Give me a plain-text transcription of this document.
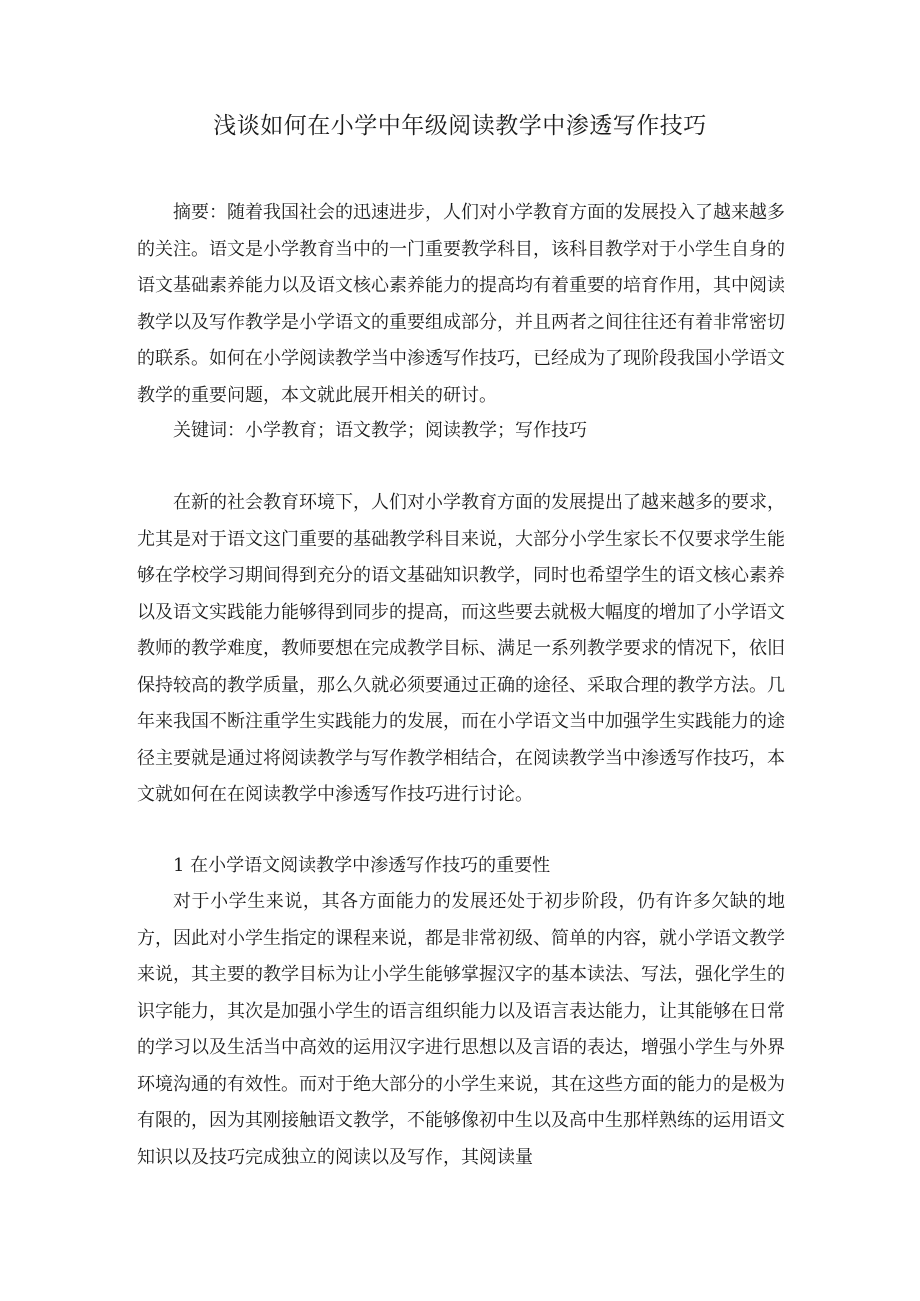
浅谈如何在小学中年级阅读教学中渗透写作技巧

摘要：随着我国社会的迅速进步，人们对小学教育方面的发展投入了越来越多的关注。语文是小学教育当中的一门重要教学科目，该科目教学对于小学生自身的语文基础素养能力以及语文核心素养能力的提高均有着重要的培育作用，其中阅读教学以及写作教学是小学语文的重要组成部分，并且两者之间往往还有着非常密切的联系。如何在小学阅读教学当中渗透写作技巧，已经成为了现阶段我国小学语文教学的重要问题，本文就此展开相关的研讨。

关键词：小学教育；语文教学；阅读教学；写作技巧

在新的社会教育环境下，人们对小学教育方面的发展提出了越来越多的要求，尤其是对于语文这门重要的基础教学科目来说，大部分小学生家长不仅要求学生能够在学校学习期间得到充分的语文基础知识教学，同时也希望学生的语文核心素养以及语文实践能力能够得到同步的提高，而这些要去就极大幅度的增加了小学语文教师的教学难度，教师要想在完成教学目标、满足一系列教学要求的情况下，依旧保持较高的教学质量，那么久就必须要通过正确的途径、采取合理的教学方法。几年来我国不断注重学生实践能力的发展，而在小学语文当中加强学生实践能力的途径主要就是通过将阅读教学与写作教学相结合，在阅读教学当中渗透写作技巧，本文就如何在在阅读教学中渗透写作技巧进行讨论。

1 在小学语文阅读教学中渗透写作技巧的重要性

对于小学生来说，其各方面能力的发展还处于初步阶段，仍有许多欠缺的地方，因此对小学生指定的课程来说，都是非常初级、简单的内容，就小学语文教学来说，其主要的教学目标为让小学生能够掌握汉字的基本读法、写法，强化学生的识字能力，其次是加强小学生的语言组织能力以及语言表达能力，让其能够在日常的学习以及生活当中高效的运用汉字进行思想以及言语的表达，增强小学生与外界环境沟通的有效性。而对于绝大部分的小学生来说，其在这些方面的能力的是极为有限的，因为其刚接触语文教学，不能够像初中生以及高中生那样熟练的运用语文知识以及技巧完成独立的阅读以及写作，其阅读量
